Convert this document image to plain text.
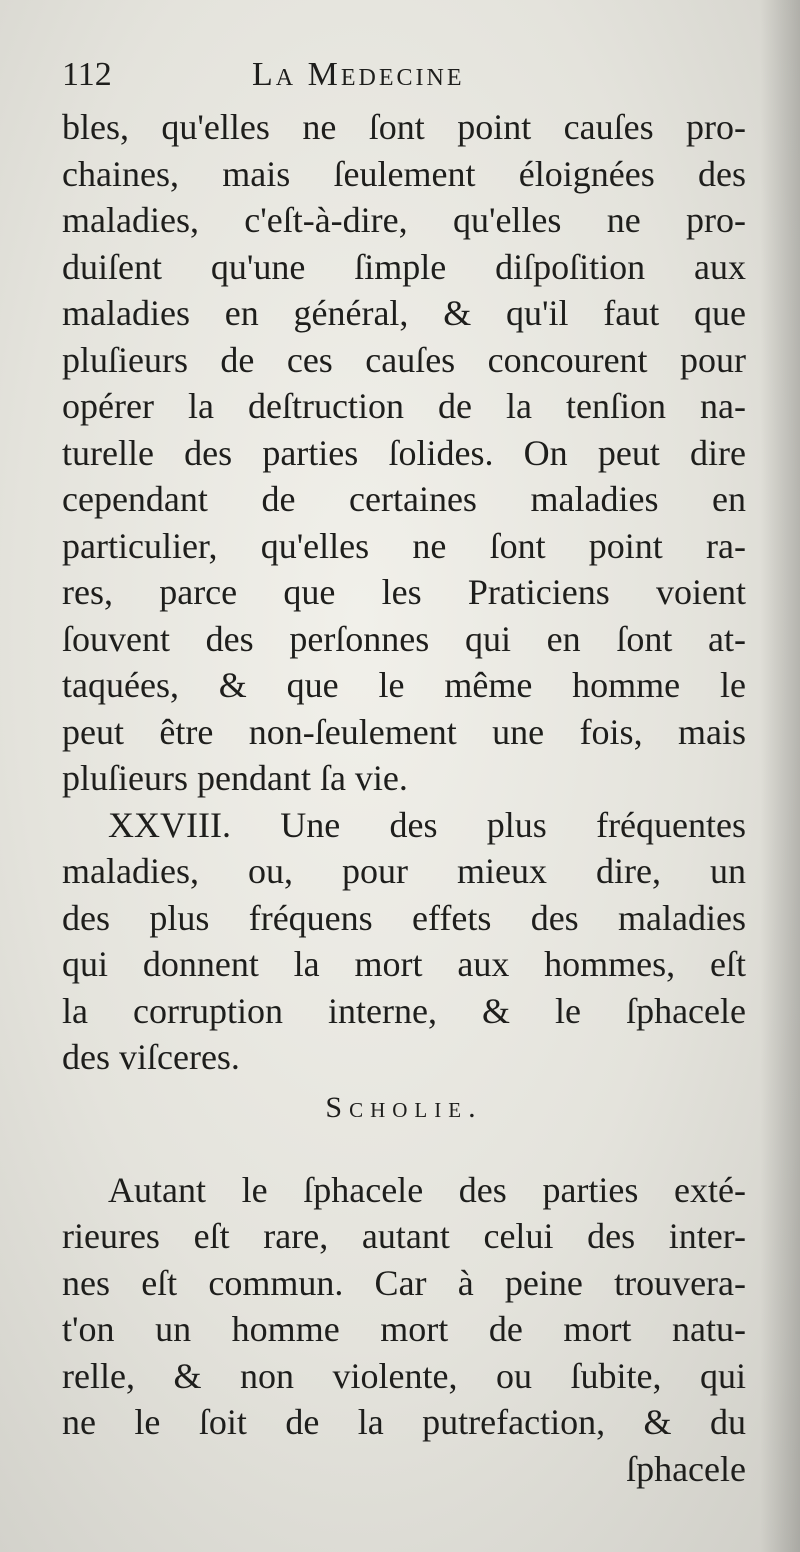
112	La Medecine
bles, qu'elles ne ſont point cauſes pro-
chaines, mais ſeulement éloignées des
maladies, c'eſt-à-dire, qu'elles ne pro-
duiſent qu'une ſimple diſpoſition aux
maladies en général, & qu'il faut que
pluſieurs de ces cauſes concourent pour
opérer la deſtruction de la tenſion na-
turelle des parties ſolides. On peut dire
cependant de certaines maladies en
particulier, qu'elles ne ſont point ra-
res, parce que les Praticiens voient
ſouvent des perſonnes qui en ſont at-
taquées, & que le même homme le
peut être non-ſeulement une fois, mais
pluſieurs pendant ſa vie.
XXVIII. Une des plus fréquentes
maladies, ou, pour mieux dire, un
des plus fréquens effets des maladies
qui donnent la mort aux hommes, eſt
la corruption interne, & le ſphacele
des viſceres.
Scholie.
Autant le ſphacele des parties exté-
rieures eſt rare, autant celui des inter-
nes eſt commun. Car à peine trouvera-
t'on un homme mort de mort natu-
relle, & non violente, ou ſubite, qui
ne le ſoit de la putrefaction, & du
ſphacele
